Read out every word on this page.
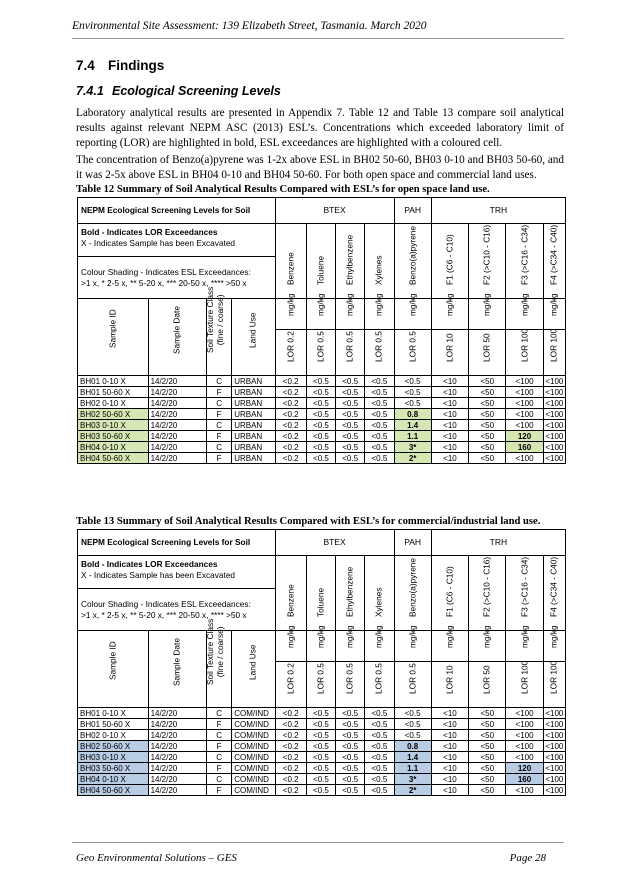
Environmental Site Assessment: 139 Elizabeth Street, Tasmania. March 2020
7.4 Findings
7.4.1 Ecological Screening Levels
Laboratory analytical results are presented in Appendix 7. Table 12 and Table 13 compare soil analytical results against relevant NEPM ASC (2013) ESL’s. Concentrations which exceeded laboratory limit of reporting (LOR) are highlighted in bold, ESL exceedances are highlighted with a coloured cell.
The concentration of Benzo(a)pyrene was 1-2x above ESL in BH02 50-60, BH03 0-10 and BH03 50-60, and it was 2-5x above ESL in BH04 0-10 and BH04 50-60. For both open space and commercial land uses.
Table 12 Summary of Soil Analytical Results Compared with ESL’s for open space land use.
NEPM Ecological Screening Levels for Soil				BTEX				PAH	TRH			
Bold - Indicates LOR Exceedances
X - Indicates Sample has been Excavated				Benzene	Toluene	Ethylbenzene	Xylenes	Benzo(a)pyrene	F1 (C6 - C10)	F2 (>C10 - C16)	F3 (>C16 - C34)	F4 (>C34 - C40)

Colour Shading - Indicates ESL Exceedances:
>1 x, * 2-5 x, ** 5-20 x, *** 20-50 x, **** >50 x												

Sample ID	Sample Date	Soil Texture Class
(fine / coarse)	Land Use	mg/kg	mg/kg	mg/kg	mg/kg	mg/kg	mg/kg	mg/kg	mg/kg	mg/kg

				LOR 0.2	LOR 0.5	LOR 0.5	LOR 0.5	LOR 0.5	LOR 10	LOR 50	LOR 100	LOR 100

BH01 0-10 X	14/2/20	C	URBAN	<0.2	<0.5	<0.5	<0.5	<0.5	<10	<50	<100	<100
BH01 50-60 X	14/2/20	F	URBAN	<0.2	<0.5	<0.5	<0.5	<0.5	<10	<50	<100	<100
BH02 0-10 X	14/2/20	C	URBAN	<0.2	<0.5	<0.5	<0.5	<0.5	<10	<50	<100	<100
BH02 50-60 X	14/2/20	F	URBAN	<0.2	<0.5	<0.5	<0.5	0.8	<10	<50	<100	<100
BH03 0-10 X	14/2/20	C	URBAN	<0.2	<0.5	<0.5	<0.5	1.4	<10	<50	<100	<100
BH03 50-60 X	14/2/20	F	URBAN	<0.2	<0.5	<0.5	<0.5	1.1	<10	<50	120	<100
BH04 0-10 X	14/2/20	C	URBAN	<0.2	<0.5	<0.5	<0.5	3*	<10	<50	160	<100
BH04 50-60 X	14/2/20	F	URBAN	<0.2	<0.5	<0.5	<0.5	2*	<10	<50	<100	<100
Table 13 Summary of Soil Analytical Results Compared with ESL’s for commercial/industrial land use.
NEPM Ecological Screening Levels for Soil				BTEX				PAH	TRH			
Bold - Indicates LOR Exceedances
X - Indicates Sample has been Excavated				Benzene	Toluene	Ethylbenzene	Xylenes	Benzo(a)pyrene	F1 (C6 - C10)	F2 (>C10 - C16)	F3 (>C16 - C34)	F4 (>C34 - C40)

Colour Shading - Indicates ESL Exceedances:
>1 x, * 2-5 x, ** 5-20 x, *** 20-50 x, **** >50 x												

Sample ID	Sample Date	Soil Texture Class
(fine / coarse)	Land Use	mg/kg	mg/kg	mg/kg	mg/kg	mg/kg	mg/kg	mg/kg	mg/kg	mg/kg

				LOR 0.2	LOR 0.5	LOR 0.5	LOR 0.5	LOR 0.5	LOR 10	LOR 50	LOR 100	LOR 100

BH01 0-10 X	14/2/20	C	COM/IND	<0.2	<0.5	<0.5	<0.5	<0.5	<10	<50	<100	<100
BH01 50-60 X	14/2/20	F	COM/IND	<0.2	<0.5	<0.5	<0.5	<0.5	<10	<50	<100	<100
BH02 0-10 X	14/2/20	C	COM/IND	<0.2	<0.5	<0.5	<0.5	<0.5	<10	<50	<100	<100
BH02 50-60 X	14/2/20	F	COM/IND	<0.2	<0.5	<0.5	<0.5	0.8	<10	<50	<100	<100
BH03 0-10 X	14/2/20	C	COM/IND	<0.2	<0.5	<0.5	<0.5	1.4	<10	<50	<100	<100
BH03 50-60 X	14/2/20	F	COM/IND	<0.2	<0.5	<0.5	<0.5	1.1	<10	<50	120	<100
BH04 0-10 X	14/2/20	C	COM/IND	<0.2	<0.5	<0.5	<0.5	3*	<10	<50	160	<100
BH04 50-60 X	14/2/20	F	COM/IND	<0.2	<0.5	<0.5	<0.5	2*	<10	<50	<100	<100
Geo Environmental Solutions – GES	Page 28
